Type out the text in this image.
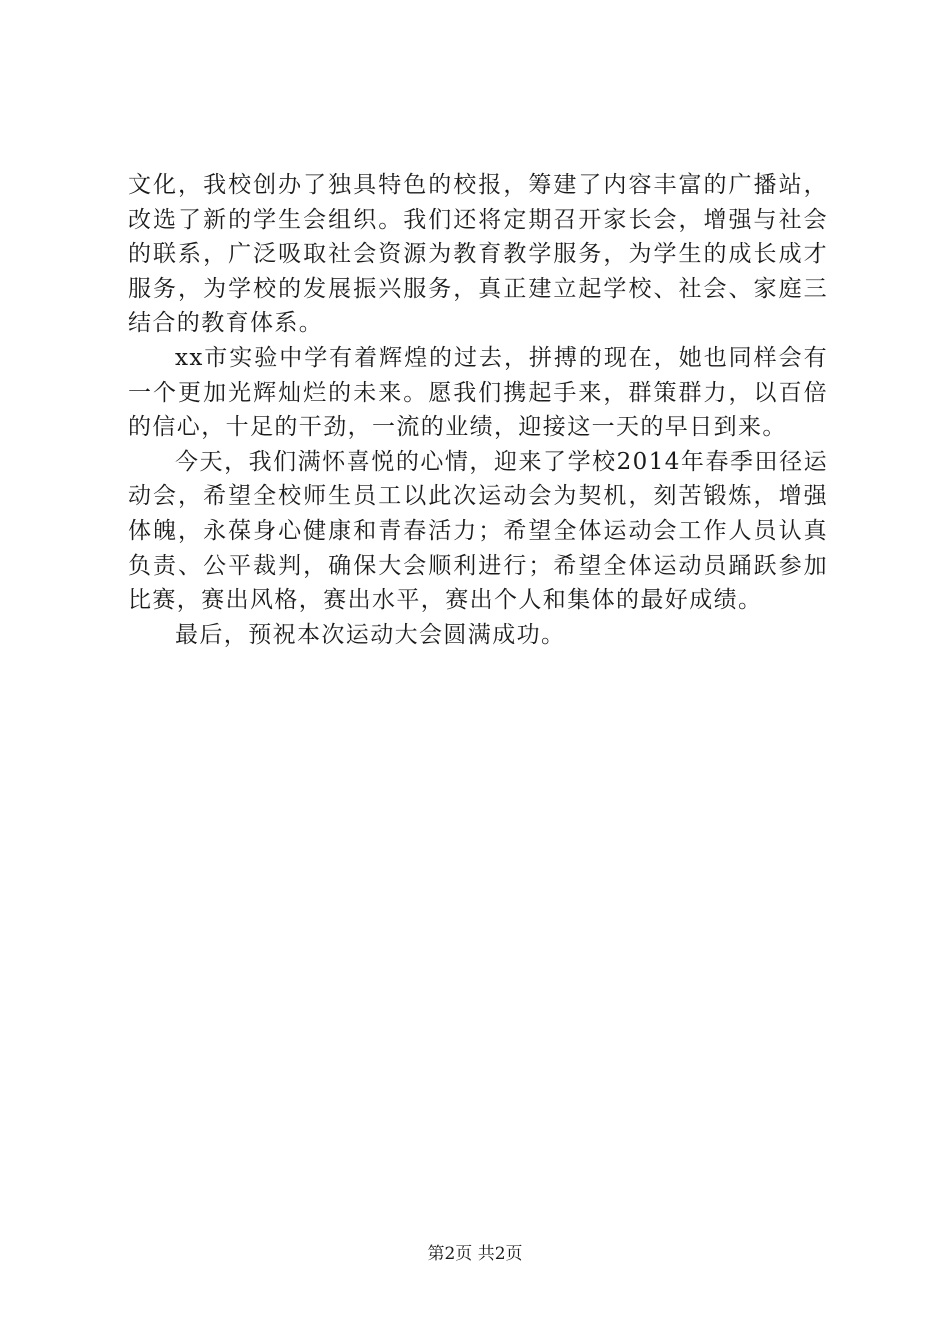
文化，我校创办了独具特色的校报，筹建了内容丰富的广播站，改选了新的学生会组织。我们还将定期召开家长会，增强与社会的联系，广泛吸取社会资源为教育教学服务，为学生的成长成才服务，为学校的发展振兴服务，真正建立起学校、社会、家庭三结合的教育体系。

xx市实验中学有着辉煌的过去，拼搏的现在，她也同样会有一个更加光辉灿烂的未来。愿我们携起手来，群策群力，以百倍的信心，十足的干劲，一流的业绩，迎接这一天的早日到来。

今天，我们满怀喜悦的心情，迎来了学校2014年春季田径运动会，希望全校师生员工以此次运动会为契机，刻苦锻炼，增强体魄，永葆身心健康和青春活力；希望全体运动会工作人员认真负责、公平裁判，确保大会顺利进行；希望全体运动员踊跃参加比赛，赛出风格，赛出水平，赛出个人和集体的最好成绩。

最后，预祝本次运动大会圆满成功。

第2页 共2页
